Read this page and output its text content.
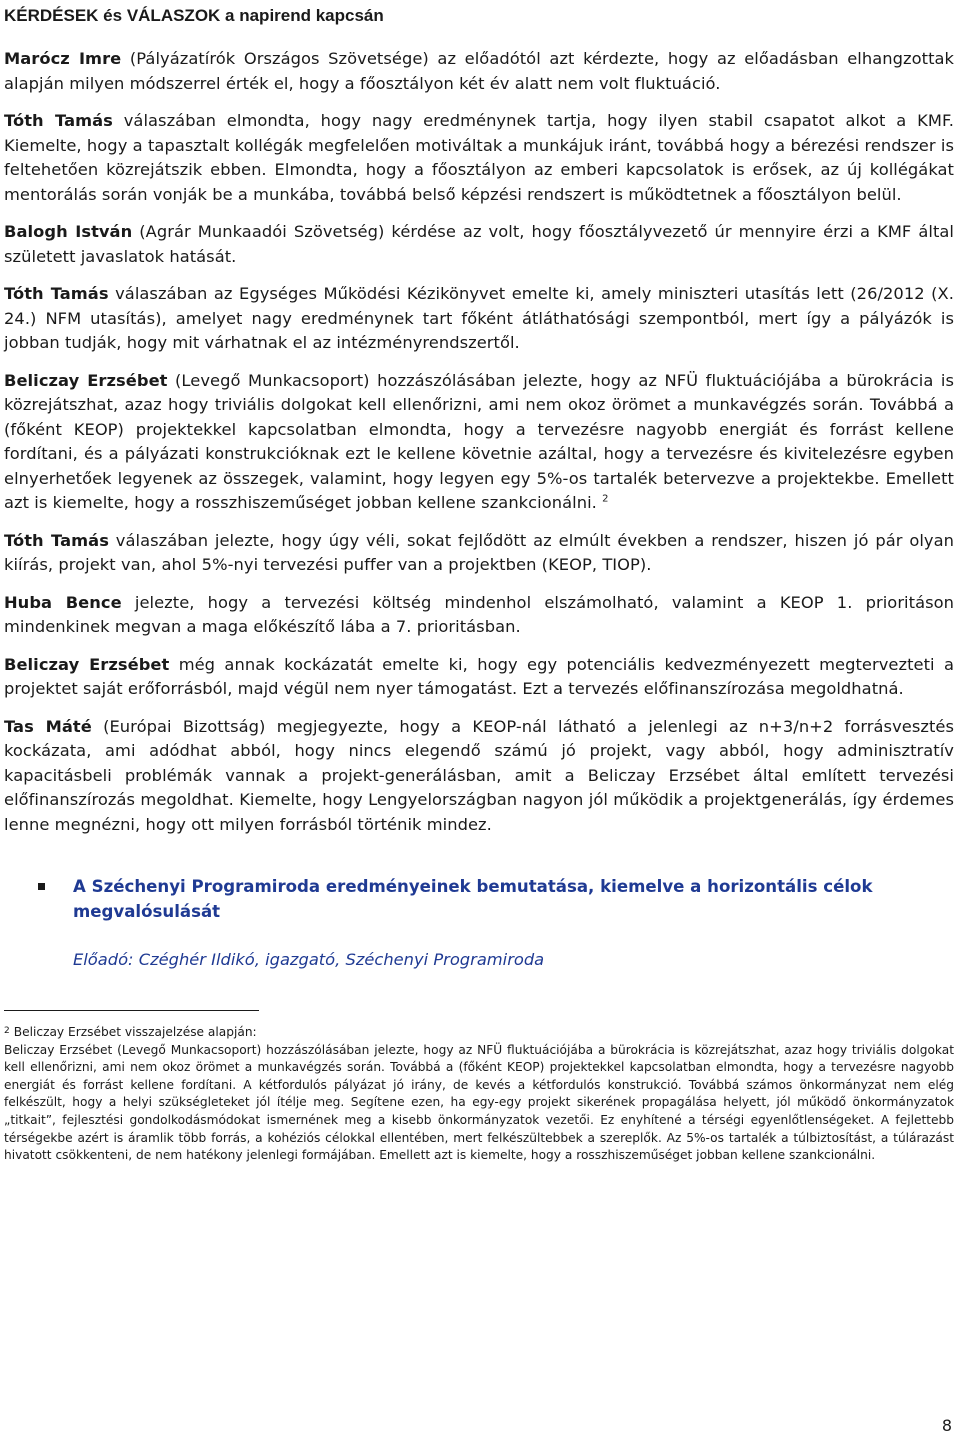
KÉRDÉSEK és VÁLASZOK a napirend kapcsán

Marócz Imre (Pályázatírók Országos Szövetsége) az előadótól azt kérdezte, hogy az előadásban elhangzottak alapján milyen módszerrel érték el, hogy a főosztályon két év alatt nem volt fluktuáció.

Tóth Tamás válaszában elmondta, hogy nagy eredménynek tartja, hogy ilyen stabil csapatot alkot a KMF. Kiemelte, hogy a tapasztalt kollégák megfelelően motiváltak a munkájuk iránt, továbbá hogy a bérezési rendszer is feltehetően közrejátszik ebben. Elmondta, hogy a főosztályon az emberi kapcsolatok is erősek, az új kollégákat mentorálás során vonják be a munkába, továbbá belső képzési rendszert is működtetnek a főosztályon belül.

Balogh István (Agrár Munkaadói Szövetség) kérdése az volt, hogy főosztályvezető úr mennyire érzi a KMF által született javaslatok hatását.

Tóth Tamás válaszában az Egységes Működési Kézikönyvet emelte ki, amely miniszteri utasítás lett (26/2012 (X. 24.) NFM utasítás), amelyet nagy eredménynek tart főként átláthatósági szempontból, mert így a pályázók is jobban tudják, hogy mit várhatnak el az intézményrendszertől.

Beliczay Erzsébet (Levegő Munkacsoport) hozzászólásában jelezte, hogy az NFÜ fluktuációjába a bürokrácia is közrejátszhat, azaz hogy triviális dolgokat kell ellenőrizni, ami nem okoz örömet a munkavégzés során. Továbbá a (főként KEOP) projektekkel kapcsolatban elmondta, hogy a tervezésre nagyobb energiát és forrást kellene fordítani, és a pályázati konstrukcióknak ezt le kellene követnie azáltal, hogy a tervezésre és kivitelezésre egyben elnyerhetőek legyenek az összegek, valamint, hogy legyen egy 5%-os tartalék betervezve a projektekbe. Emellett azt is kiemelte, hogy a rosszhiszeműséget jobban kellene szankcionálni. $^2$

Tóth Tamás válaszában jelezte, hogy úgy véli, sokat fejlődött az elmúlt években a rendszer, hiszen jó pár olyan kiírás, projekt van, ahol 5%-nyi tervezési puffer van a projektben (KEOP, TIOP).

Huba Bence jelezte, hogy a tervezési költség mindenhol elszámolható, valamint a KEOP 1. prioritáson mindenkinek megvan a maga előkészítő lába a 7. prioritásban.

Beliczay Erzsébet még annak kockázatát emelte ki, hogy egy potenciális kedvezményezett megtervezteti a projektet saját erőforrásból, majd végül nem nyer támogatást. Ezt a tervezés előfinanszírozása megoldhatná.

Tas Máté (Európai Bizottság) megjegyezte, hogy a KEOP-nál látható a jelenlegi az n+3/n+2 forrásvesztés kockázata, ami adódhat abból, hogy nincs elegendő számú jó projekt, vagy abból, hogy adminisztratív kapacitásbeli problémák vannak a projekt-generálásban, amit a Beliczay Erzsébet által említett tervezési előfinanszírozás megoldhat. Kiemelte, hogy Lengyelországban nagyon jól működik a projektgenerálás, így érdemes lenne megnézni, hogy ott milyen forrásból történik mindez.

A Széchenyi Programiroda eredményeinek bemutatása, kiemelve a horizontális célok megvalósulását
Előadó: Czéghér Ildikó, igazgató, Széchenyi Programiroda
$^2$ Beliczay Erzsébet visszajelzése alapján:
Beliczay Erzsébet (Levegő Munkacsoport) hozzászólásában jelezte, hogy az NFÜ fluktuációjába a bürokrácia is közrejátszhat, azaz hogy triviális dolgokat kell ellenőrizni, ami nem okoz örömet a munkavégzés során. Továbbá a (főként KEOP) projektekkel kapcsolatban elmondta, hogy a tervezésre nagyobb energiát és forrást kellene fordítani. A kétfordulós pályázat jó irány, de kevés a kétfordulós konstrukció. Továbbá számos önkormányzat nem elég felkészült, hogy a helyi szükségleteket jól ítélje meg. Segítene ezen, ha egy-egy projekt sikerének propagálása helyett, jól működő önkormányzatok „titkait”, fejlesztési gondolkodásmódokat ismernének meg a kisebb önkormányzatok vezetői. Ez enyhítené a térségi egyenlőtlenségeket. A fejlettebb térségekbe azért is áramlik több forrás, a kohéziós célokkal ellentében, mert felkészültebbek a szereplők. Az 5%-os tartalék a túlbiztosítást, a túlárazást hivatott csökkenteni, de nem hatékony jelenlegi formájában. Emellett azt is kiemelte, hogy a rosszhiszeműséget jobban kellene szankcionálni.
8
